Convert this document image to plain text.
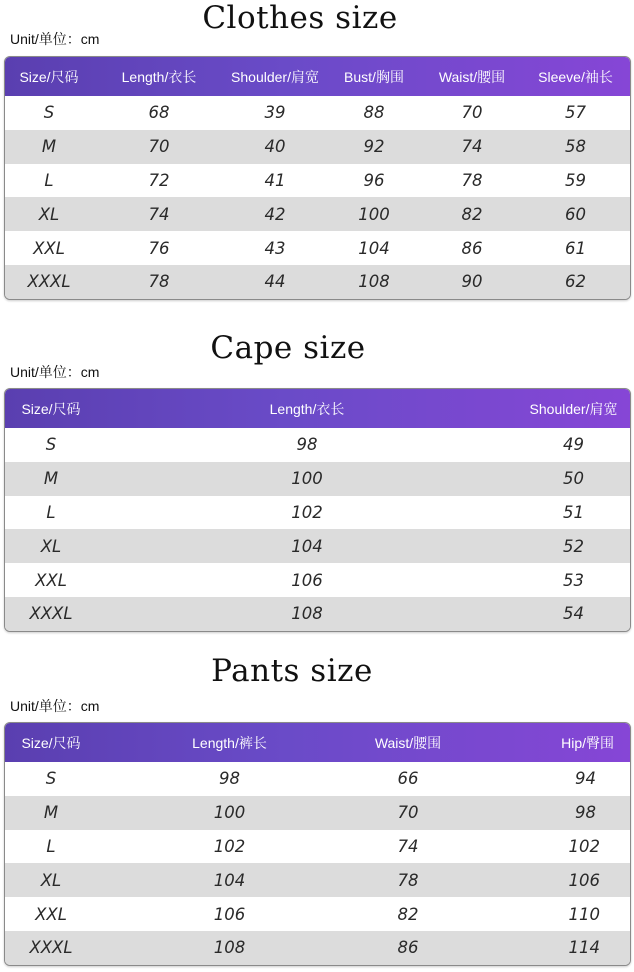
Clothes size
Unit/单位：cm
Size/尺码	Length/衣长	Shoulder/肩宽	Bust/胸围	Waist/腰围	Sleeve/袖长
S	68	39	88	70	57
M	70	40	92	74	58
L	72	41	96	78	59
XL	74	42	100	82	60
XXL	76	43	104	86	61
XXXL	78	44	108	90	62
Cape size
Unit/单位：cm
Size/尺码	Length/衣长	Shoulder/肩宽
S	98	49
M	100	50
L	102	51
XL	104	52
XXL	106	53
XXXL	108	54
Pants size
Unit/单位：cm
Size/尺码	Length/裤长	Waist/腰围	Hip/臀围
S	98	66	94
M	100	70	98
L	102	74	102
XL	104	78	106
XXL	106	82	110
XXXL	108	86	114
